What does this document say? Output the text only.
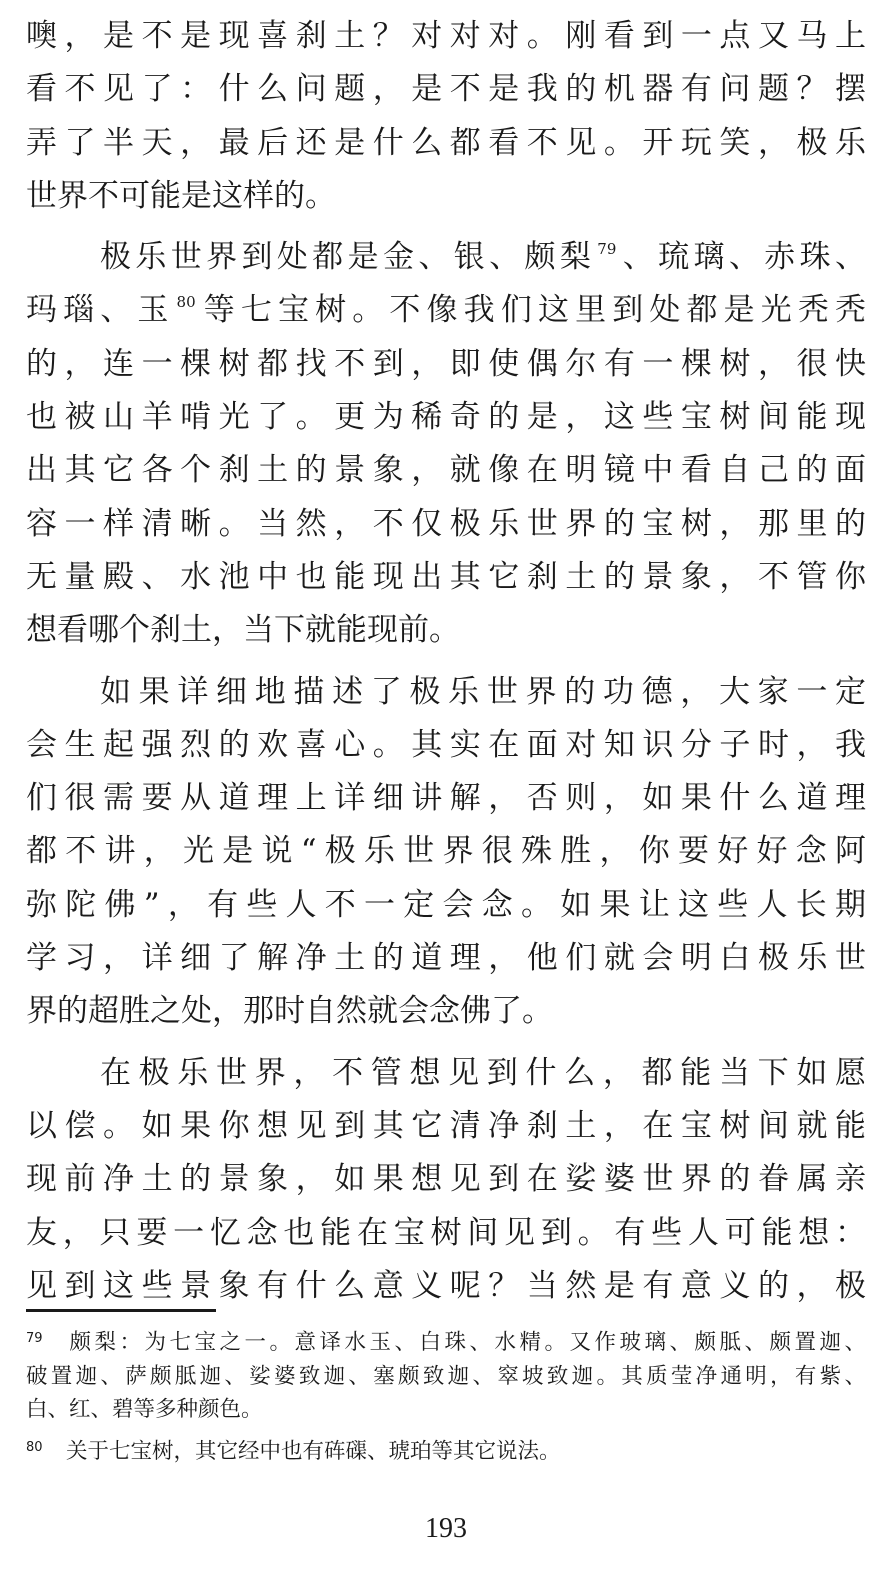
噢，是不是现喜刹土？对对对。刚看到一点又马上
看不见了：什么问题，是不是我的机器有问题？摆
弄了半天，最后还是什么都看不见。开玩笑，极乐
世界不可能是这样的。
极乐世界到处都是金、银、颇梨 $^{79}$、琉璃、赤珠、
玛瑙、玉 $^{80}$等七宝树。不像我们这里到处都是光秃秃
的，连一棵树都找不到，即使偶尔有一棵树，很快
也被山羊啃光了。更为稀奇的是，这些宝树间能现
出其它各个刹土的景象，就像在明镜中看自己的面
容一样清晰。当然，不仅极乐世界的宝树，那里的
无量殿、水池中也能现出其它刹土的景象，不管你
想看哪个刹土，当下就能现前。
如果详细地描述了极乐世界的功德，大家一定
会生起强烈的欢喜心。其实在面对知识分子时，我
们很需要从道理上详细讲解，否则，如果什么道理
都不讲，光是说“极乐世界很殊胜，你要好好念阿
弥陀佛”，有些人不一定会念。如果让这些人长期
学习，详细了解净土的道理，他们就会明白极乐世
界的超胜之处，那时自然就会念佛了。
在极乐世界，不管想见到什么，都能当下如愿
以偿。如果你想见到其它清净刹土，在宝树间就能
现前净土的景象，如果想见到在娑婆世界的眷属亲
友，只要一忆念也能在宝树间见到。有些人可能想：
见到这些景象有什么意义呢？当然是有意义的，极
79 颇梨：为七宝之一。意译水玉、白珠、水精。又作玻璃、颇胝、颇置迦、
破置迦、萨颇胝迦、娑婆致迦、塞颇致迦、窣坡致迦。其质莹净通明，有紫、
白、红、碧等多种颜色。
80 关于七宝树，其它经中也有砗磲、琥珀等其它说法。
193
